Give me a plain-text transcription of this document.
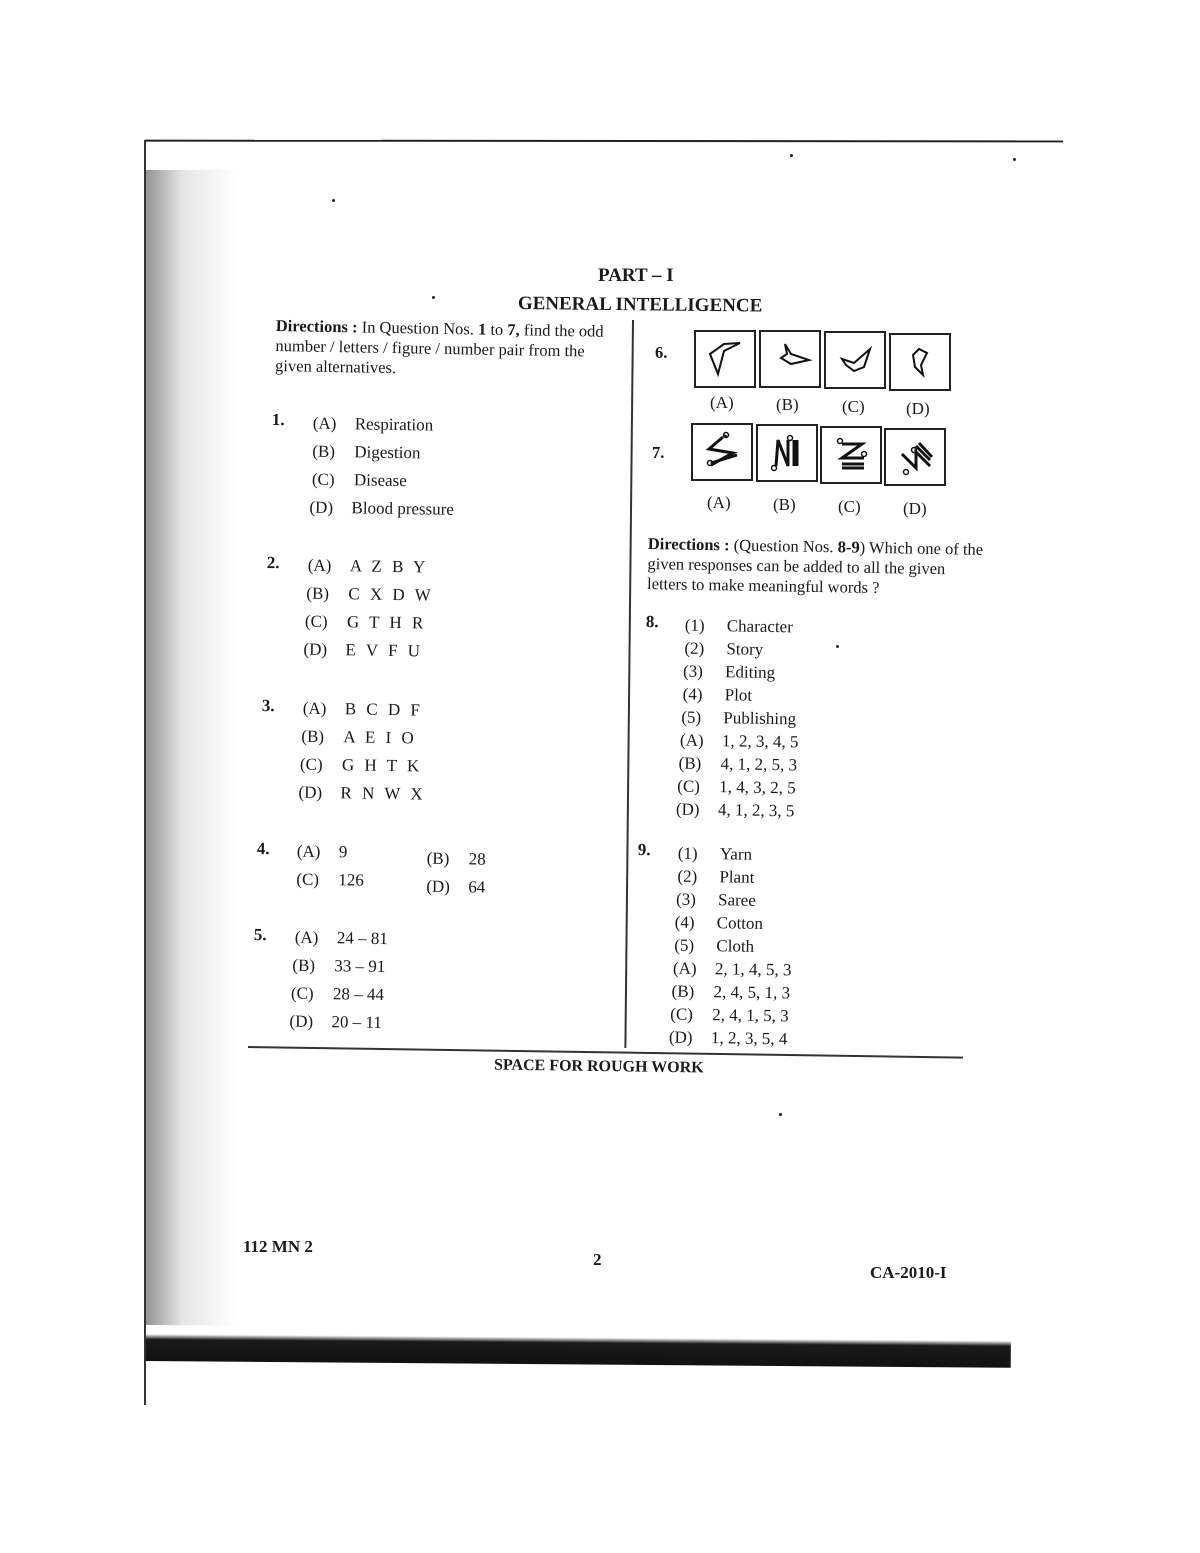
PART – I
GENERAL INTELLIGENCE
Directions : In Question Nos. 1 to 7, find the odd number / letters / figure / number pair from the given alternatives.
1. (A) Respiration
(B) Digestion
(C) Disease
(D) Blood pressure
2. (A) A Z B Y
(B) C X D W
(C) G T H R
(D) E V F U
3. (A) B C D F
(B) A E I O
(C) G H T K
(D) R N W X
4. (A) 9	(B) 28
(C) 126	(D) 64
5. (A) 24 – 81
(B) 33 – 91
(C) 28 – 44
(D) 20 – 11
6.
(A) (B)	(C) (D)
7.
(A) (B) (C) (D)
Directions : (Question Nos. 8-9) Which one of the given responses can be added to all the given letters to make meaningful words ?
8. (1) Character
(2) Story
(3) Editing
(4) Plot
(5) Publishing
(A) 1, 2, 3, 4, 5
(B) 4, 1, 2, 5, 3
(C) 1, 4, 3, 2, 5
(D) 4, 1, 2, 3, 5
9. (1) Yarn
(2) Plant
(3) Saree
(4) Cotton
(5) Cloth
(A) 2, 1, 4, 5, 3
(B) 2, 4, 5, 1, 3
(C) 2, 4, 1, 5, 3
(D) 1, 2, 3, 5, 4
SPACE FOR ROUGH WORK
112 MN 2
2
CA-2010-I
